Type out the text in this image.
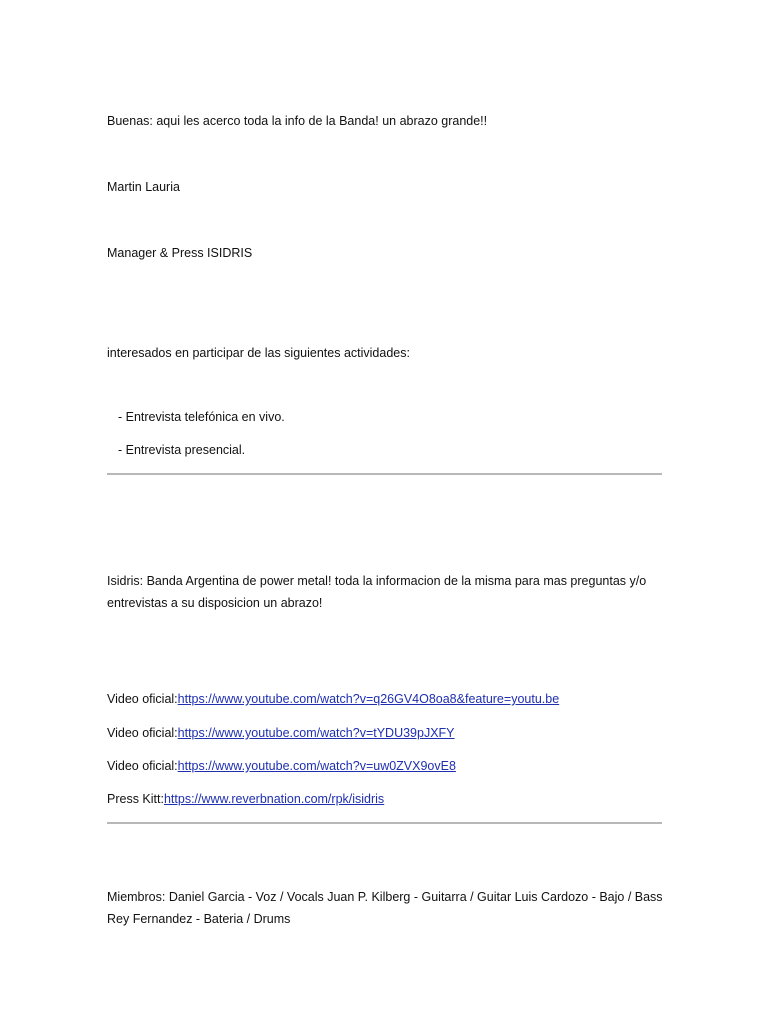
Buenas: aqui les acerco toda la info de la Banda! un abrazo grande!!
Martin Lauria
Manager & Press ISIDRIS
interesados en participar de las siguientes actividades:
- Entrevista telefónica en vivo.
- Entrevista presencial.
Isidris: Banda Argentina de power metal! toda la informacion de la misma para mas preguntas y/o entrevistas a su disposicion un abrazo!
Video oficial:https://www.youtube.com/watch?v=q26GV4O8oa8&feature=youtu.be
Video oficial:https://www.youtube.com/watch?v=tYDU39pJXFY
Video oficial:https://www.youtube.com/watch?v=uw0ZVX9ovE8
Press Kitt:https://www.reverbnation.com/rpk/isidris
Miembros: Daniel Garcia - Voz / Vocals Juan P. Kilberg - Guitarra / Guitar Luis Cardozo - Bajo / Bass Rey Fernandez - Bateria / Drums
